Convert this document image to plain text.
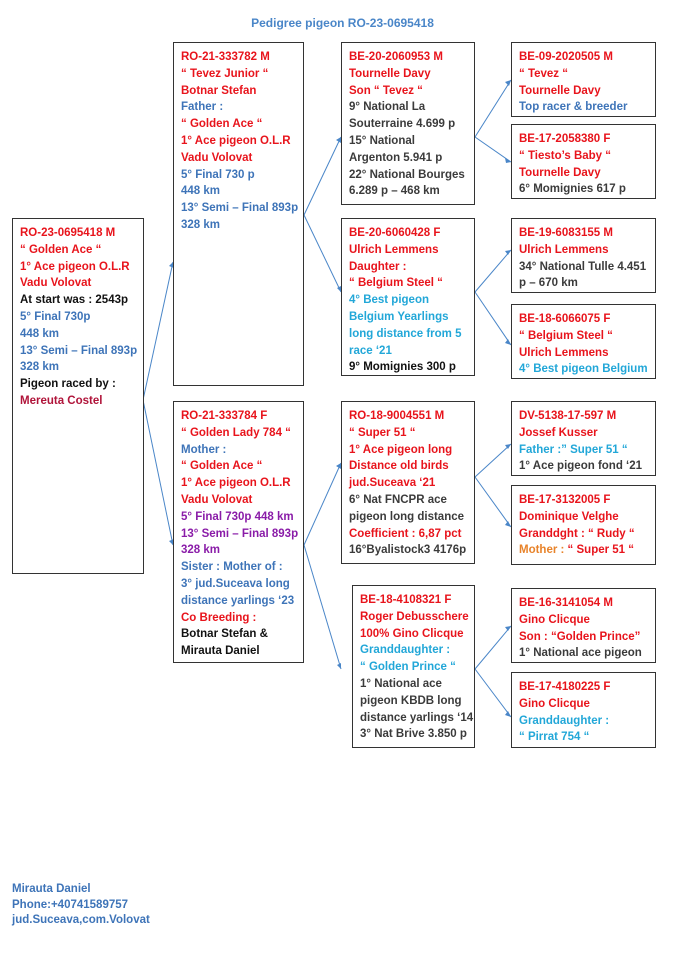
Pedigree pigeon RO-23-0695418
RO-23-0695418 M
“ Golden Ace “
1° Ace pigeon O.L.R
Vadu Volovat
At start was : 2543p
5° Final 730p
448 km
13° Semi – Final 893p
328 km
Pigeon raced by :
Mereuta Costel
RO-21-333782 M
“ Tevez Junior “
Botnar Stefan
Father :
“ Golden Ace “
1° Ace pigeon O.L.R
Vadu Volovat
5° Final 730 p
448 km
13° Semi – Final 893p
328 km
RO-21-333784 F
“ Golden Lady 784 “
Mother :
“ Golden Ace “
1° Ace pigeon O.L.R
Vadu Volovat
5° Final 730p 448 km
13° Semi – Final 893p
328 km
Sister : Mother of : 3° jud.Suceava long distance yarlings ‘23
Co Breeding :
Botnar Stefan &
Mirauta Daniel
BE-20-2060953 M
Tournelle Davy
Son “ Tevez “
9° National La
Souterraine 4.699 p
15° National
Argenton 5.941 p
22° National Bourges
6.289 p – 468 km
BE-20-6060428 F
Ulrich Lemmens
Daughter :
“ Belgium Steel “
4° Best pigeon
Belgium Yearlings
long distance from 5
race ‘21
9° Momignies 300 p
RO-18-9004551 M
“ Super 51 “
1° Ace pigeon long
Distance old birds
jud.Suceava ‘21
6° Nat FNCPR ace
pigeon long distance
Coefficient : 6,87 pct
16°Byalistock3 4176p
BE-18-4108321 F
Roger Debusschere
100% Gino Clicque
Granddaughter :
“ Golden Prince “
1° National ace
pigeon KBDB long
distance yarlings ‘14
3° Nat Brive 3.850 p
BE-09-2020505 M
“ Tevez “
Tournelle Davy
Top racer & breeder
BE-17-2058380 F
“ Tiesto’s Baby “
Tournelle Davy
6° Momignies 617 p
BE-19-6083155 M
Ulrich Lemmens
34° National Tulle 4.451
p – 670 km
BE-18-6066075 F
“ Belgium Steel “
Ulrich Lemmens
4° Best pigeon Belgium
DV-5138-17-597 M
Jossef Kusser
Father :” Super 51 “
1° Ace pigeon fond ‘21
BE-17-3132005 F
Dominique Velghe
Granddght : “ Rudy “
Mother : “ Super 51 “
BE-16-3141054 M
Gino Clicque
Son : “Golden Prince”
1° National ace pigeon
BE-17-4180225 F
Gino Clicque
Granddaughter :
“ Pirrat 754 “
Mirauta Daniel
Phone:+40741589757
jud.Suceava,com.Volovat
